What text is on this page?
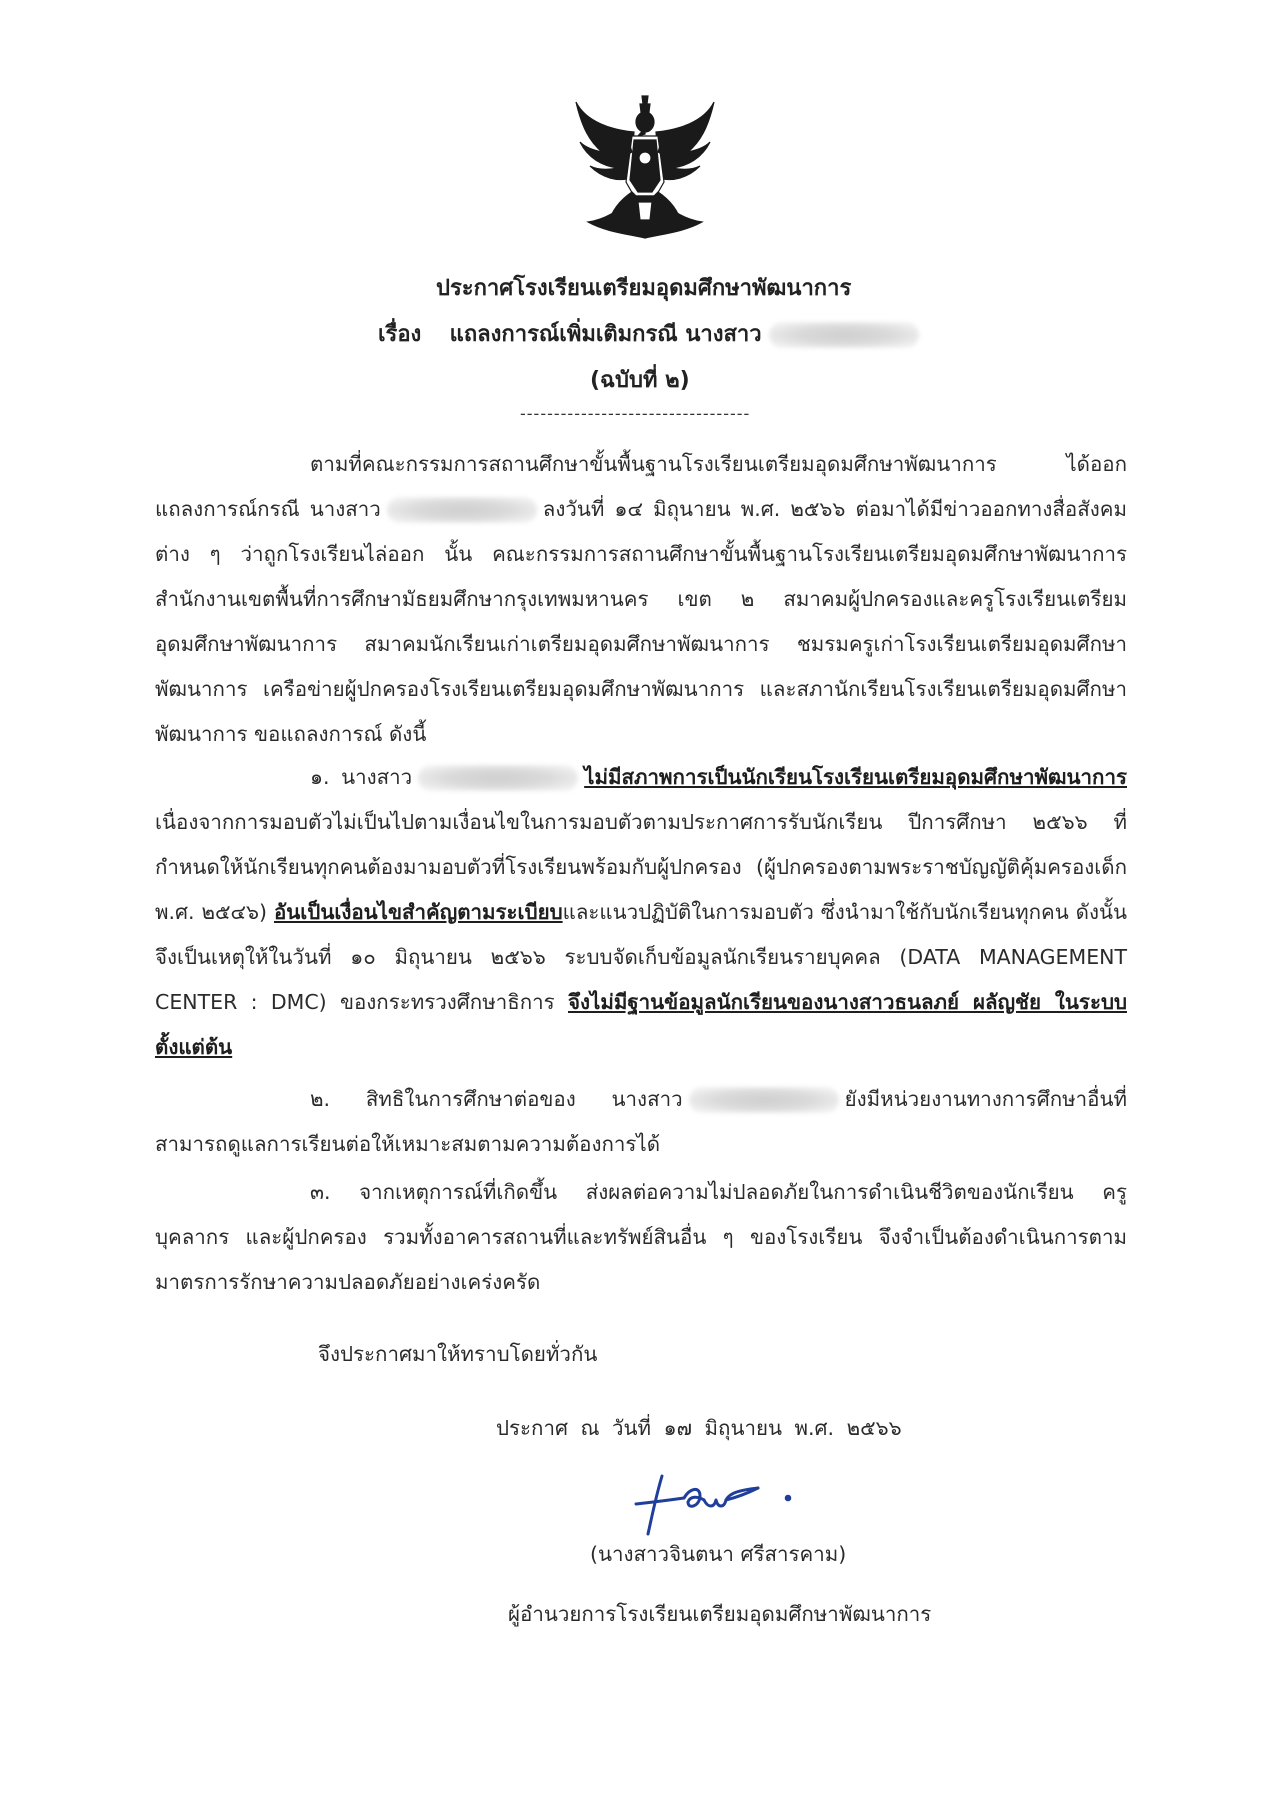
ประกาศโรงเรียนเตรียมอุดมศึกษาพัฒนาการ
เรื่อง แถลงการณ์เพิ่มเติมกรณี นางสาว
(ฉบับที่ ๒)
----------------------------------
ตามที่คณะกรรมการสถานศึกษาขั้นพื้นฐานโรงเรียนเตรียมอุดมศึกษาพัฒนาการ ได้ออกแถลงการณ์กรณี นางสาว	ลงวันที่ ๑๔ มิถุนายน พ.ศ. ๒๕๖๖ ต่อมาได้มีข่าวออกทางสื่อสังคมต่าง ๆ ว่าถูกโรงเรียนไล่ออก นั้น คณะกรรมการสถานศึกษาขั้นพื้นฐานโรงเรียนเตรียมอุดมศึกษาพัฒนาการ สำนักงานเขตพื้นที่การศึกษามัธยมศึกษากรุงเทพมหานคร เขต ๒ สมาคมผู้ปกครองและครูโรงเรียนเตรียมอุดมศึกษาพัฒนาการ สมาคมนักเรียนเก่าเตรียมอุดมศึกษาพัฒนาการ ชมรมครูเก่าโรงเรียนเตรียมอุดมศึกษาพัฒนาการ เครือข่ายผู้ปกครองโรงเรียนเตรียมอุดมศึกษาพัฒนาการ และสภานักเรียนโรงเรียนเตรียมอุดมศึกษาพัฒนาการ ขอแถลงการณ์ ดังนี้
๑. นางสาว	ไม่มีสภาพการเป็นนักเรียนโรงเรียนเตรียมอุดมศึกษาพัฒนาการ เนื่องจากการมอบตัวไม่เป็นไปตามเงื่อนไขในการมอบตัวตามประกาศการรับนักเรียน ปีการศึกษา ๒๕๖๖ ที่กำหนดให้นักเรียนทุกคนต้องมามอบตัวที่โรงเรียนพร้อมกับผู้ปกครอง (ผู้ปกครองตามพระราชบัญญัติคุ้มครองเด็ก พ.ศ. ๒๕๔๖) อันเป็นเงื่อนไขสำคัญตามระเบียบและแนวปฏิบัติในการมอบตัว ซึ่งนำมาใช้กับนักเรียนทุกคน ดังนั้นจึงเป็นเหตุให้ในวันที่ ๑๐ มิถุนายน ๒๕๖๖ ระบบจัดเก็บข้อมูลนักเรียนรายบุคคล (DATA MANAGEMENT CENTER : DMC) ของกระทรวงศึกษาธิการ จึงไม่มีฐานข้อมูลนักเรียนของนางสาวธนลภย์ ผลัญชัย ในระบบตั้งแต่ต้น
๒. สิทธิในการศึกษาต่อของ นางสาว	ยังมีหน่วยงานทางการศึกษาอื่นที่สามารถดูแลการเรียนต่อให้เหมาะสมตามความต้องการได้
๓. จากเหตุการณ์ที่เกิดขึ้น ส่งผลต่อความไม่ปลอดภัยในการดำเนินชีวิตของนักเรียน ครู บุคลากร และผู้ปกครอง รวมทั้งอาคารสถานที่และทรัพย์สินอื่น ๆ ของโรงเรียน จึงจำเป็นต้องดำเนินการตามมาตรการรักษาความปลอดภัยอย่างเคร่งครัด
จึงประกาศมาให้ทราบโดยทั่วกัน
ประกาศ ณ วันที่ ๑๗ มิถุนายน พ.ศ. ๒๕๖๖
(นางสาวจินตนา ศรีสารคาม)
ผู้อำนวยการโรงเรียนเตรียมอุดมศึกษาพัฒนาการ
